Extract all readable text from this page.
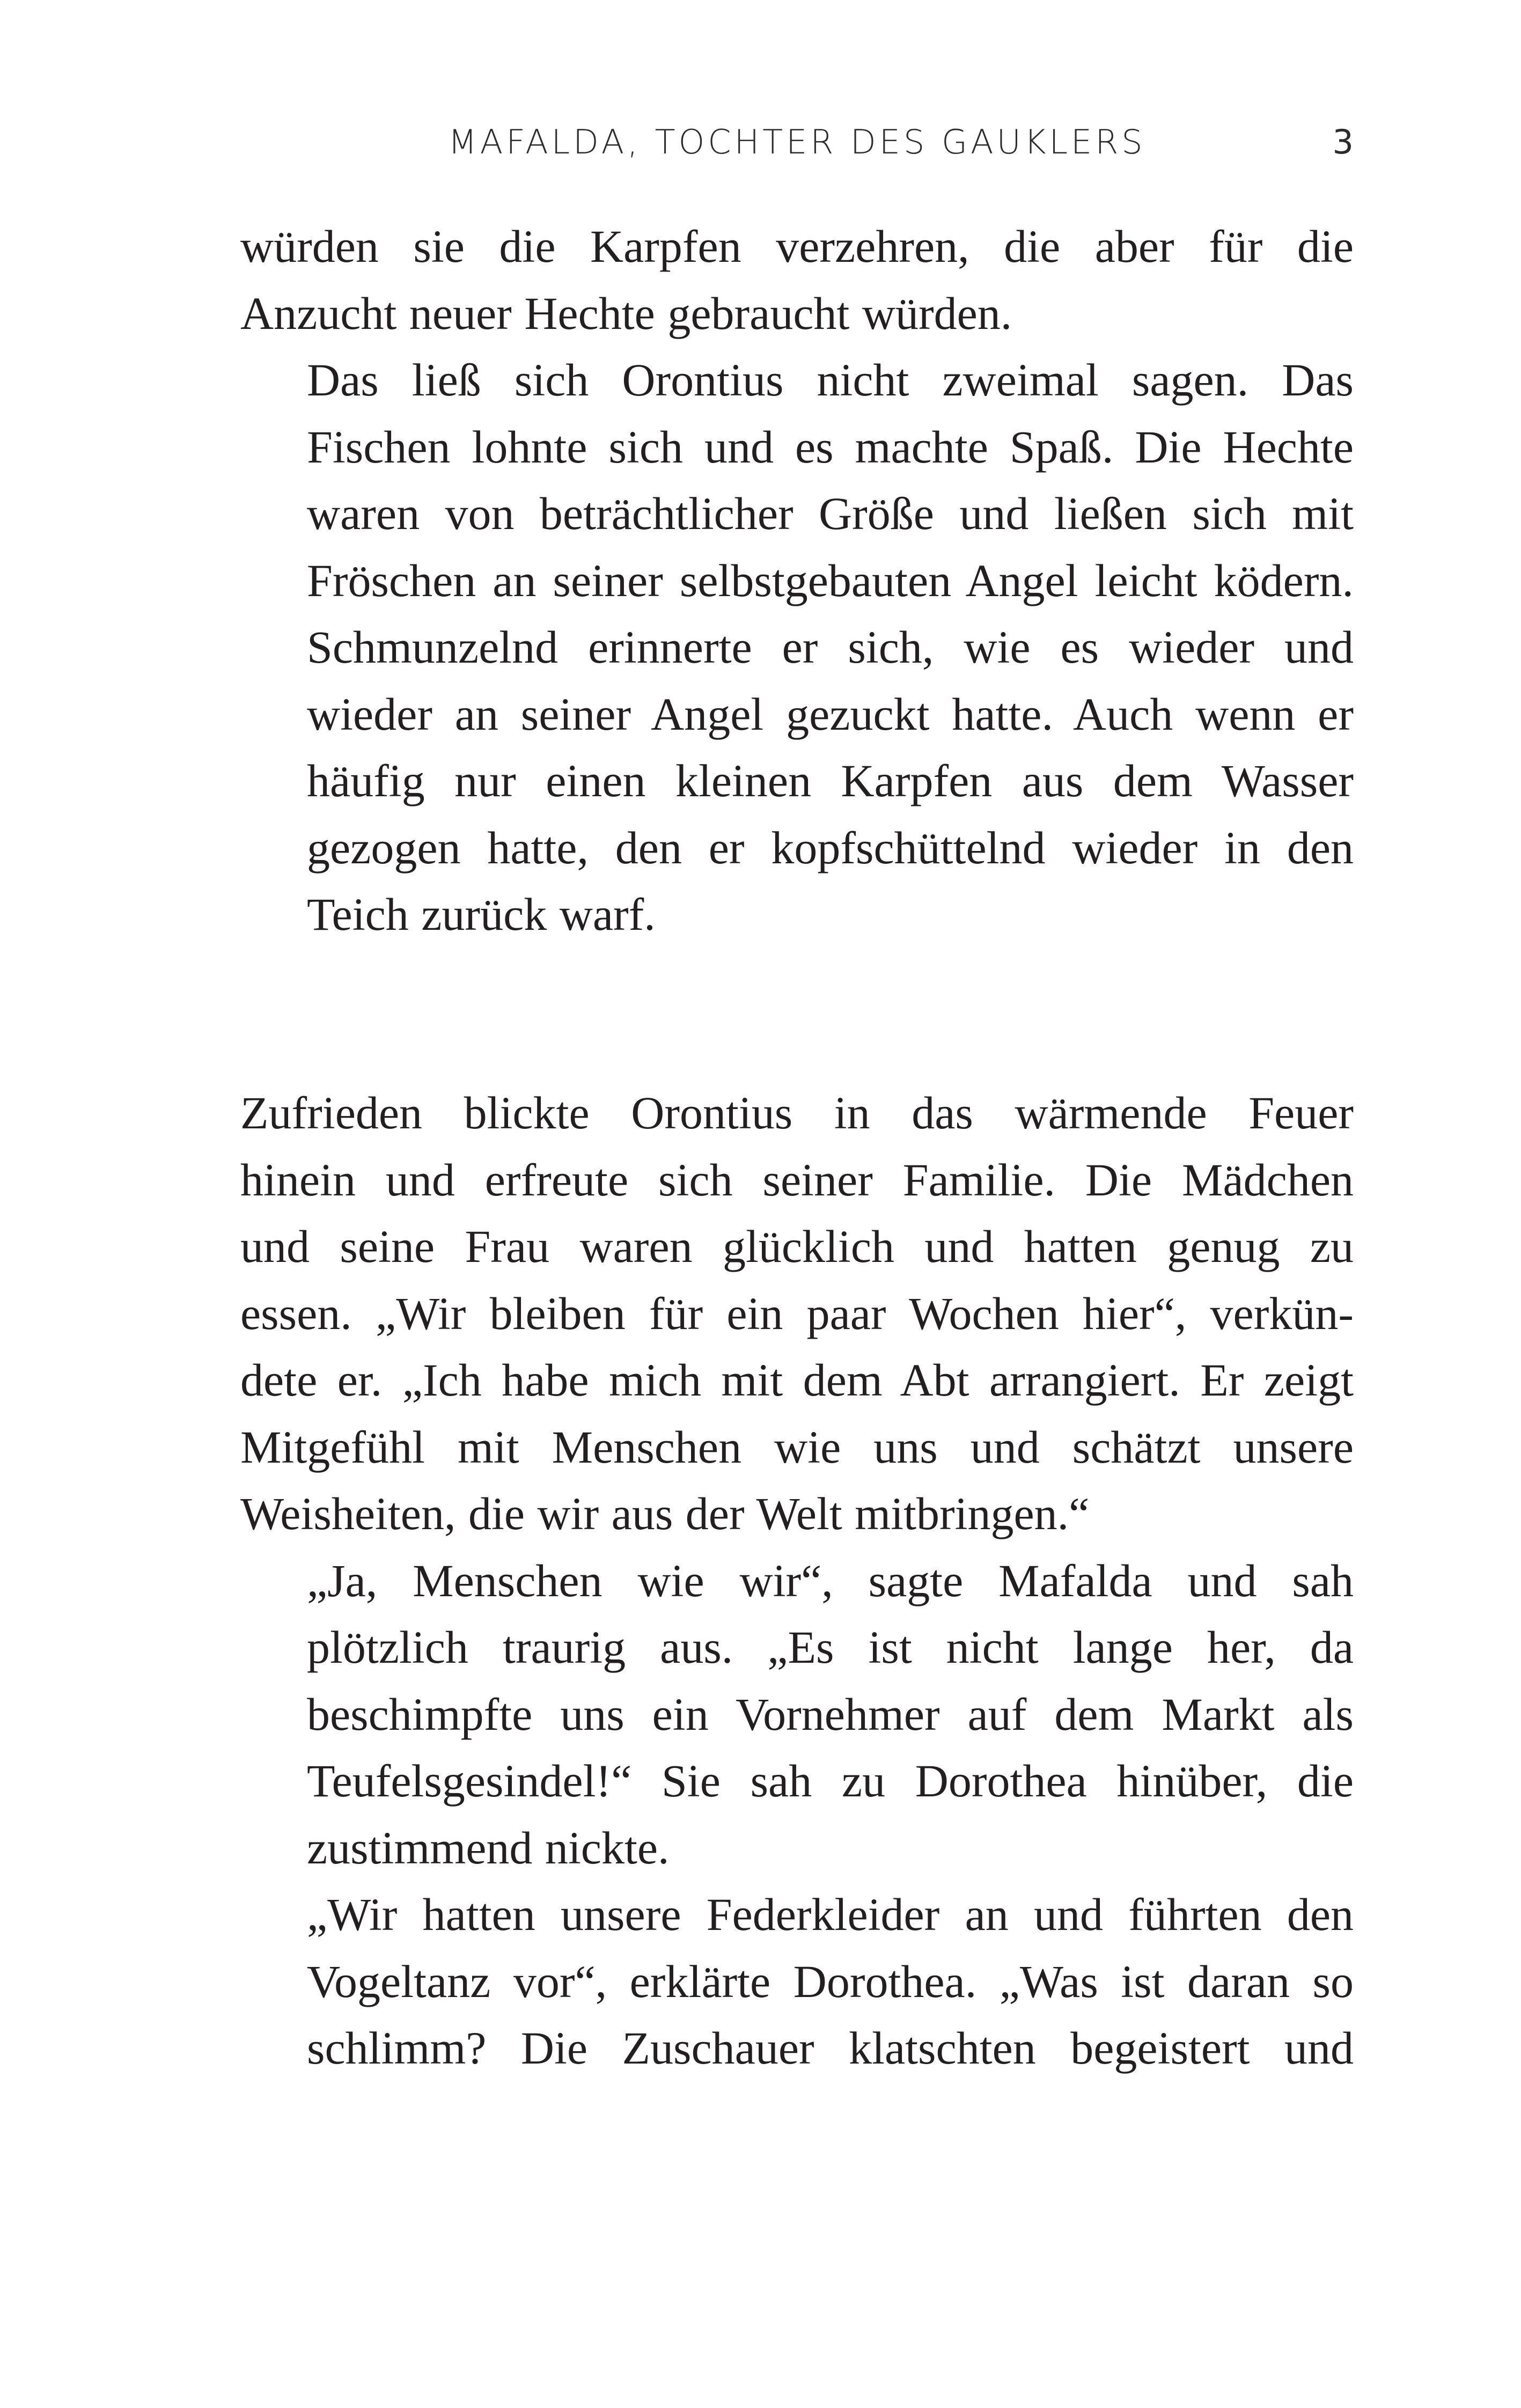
MAFALDA, TOCHTER DES GAUKLERS	3

würden sie die Karpfen verzehren, die aber für die
Anzucht neuer Hechte gebraucht würden.

Das ließ sich Orontius nicht zweimal sagen. Das
Fischen lohnte sich und es machte Spaß. Die Hechte
waren von beträchtlicher Größe und ließen sich mit
Fröschen an seiner selbstgebauten Angel leicht ködern.
Schmunzelnd erinnerte er sich, wie es wieder und
wieder an seiner Angel gezuckt hatte. Auch wenn er
häufig nur einen kleinen Karpfen aus dem Wasser
gezogen hatte, den er kopfschüttelnd wieder in den
Teich zurück warf.

Zufrieden blickte Orontius in das wärmende Feuer
hinein und erfreute sich seiner Familie. Die Mädchen
und seine Frau waren glücklich und hatten genug zu
essen. „Wir bleiben für ein paar Wochen hier“, verkün-
dete er. „Ich habe mich mit dem Abt arrangiert. Er zeigt
Mitgefühl mit Menschen wie uns und schätzt unsere
Weisheiten, die wir aus der Welt mitbringen.“

„Ja, Menschen wie wir“, sagte Mafalda und sah
plötzlich traurig aus. „Es ist nicht lange her, da
beschimpfte uns ein Vornehmer auf dem Markt als
Teufelsgesindel!“ Sie sah zu Dorothea hinüber, die
zustimmend nickte.

„Wir hatten unsere Federkleider an und führten den
Vogeltanz vor“, erklärte Dorothea. „Was ist daran so
schlimm? Die Zuschauer klatschten begeistert und
